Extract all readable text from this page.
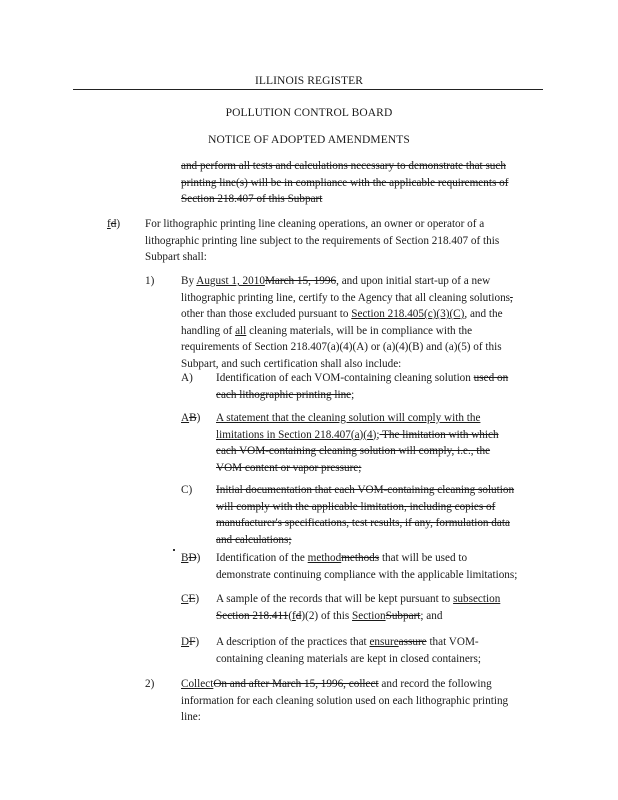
ILLINOIS REGISTER
POLLUTION CONTROL BOARD
NOTICE OF ADOPTED AMENDMENTS
and perform all tests and calculations necessary to demonstrate that such
printing line(s) will be in compliance with the applicable requirements of
Section 218.407 of this Subpart
fd) For lithographic printing line cleaning operations, an owner or operator of a
lithographic printing line subject to the requirements of Section 218.407 of this
Subpart shall:
1) By August 1, 2010March 15, 1996, and upon initial start-up of a new
lithographic printing line, certify to the Agency that all cleaning solutions,
other than those excluded pursuant to Section 218.405(c)(3)(C), and the
handling of all cleaning materials, will be in compliance with the
requirements of Section 218.407(a)(4)(A) or (a)(4)(B) and (a)(5) of this
Subpart, and such certification shall also include:
A) Identification of each VOM-containing cleaning solution used on
each lithographic printing line;
AB) A statement that the cleaning solution will comply with the
limitations in Section 218.407(a)(4); The limitation with which
each VOM-containing cleaning solution will comply, i.e., the
VOM content or vapor pressure;
C) Initial documentation that each VOM-containing cleaning solution
will comply with the applicable limitation, including copies of
manufacturer's specifications, test results, if any, formulation data
and calculations;
BD) Identification of the methodmethods that will be used to
demonstrate continuing compliance with the applicable limitations;
CE) A sample of the records that will be kept pursuant to subsection
Section 218.411(fd)(2) of this SectionSubpart; and
DF) A description of the practices that ensureassure that VOM-
containing cleaning materials are kept in closed containers;
2) CollectOn and after March 15, 1996, collect and record the following
information for each cleaning solution used on each lithographic printing
line:
